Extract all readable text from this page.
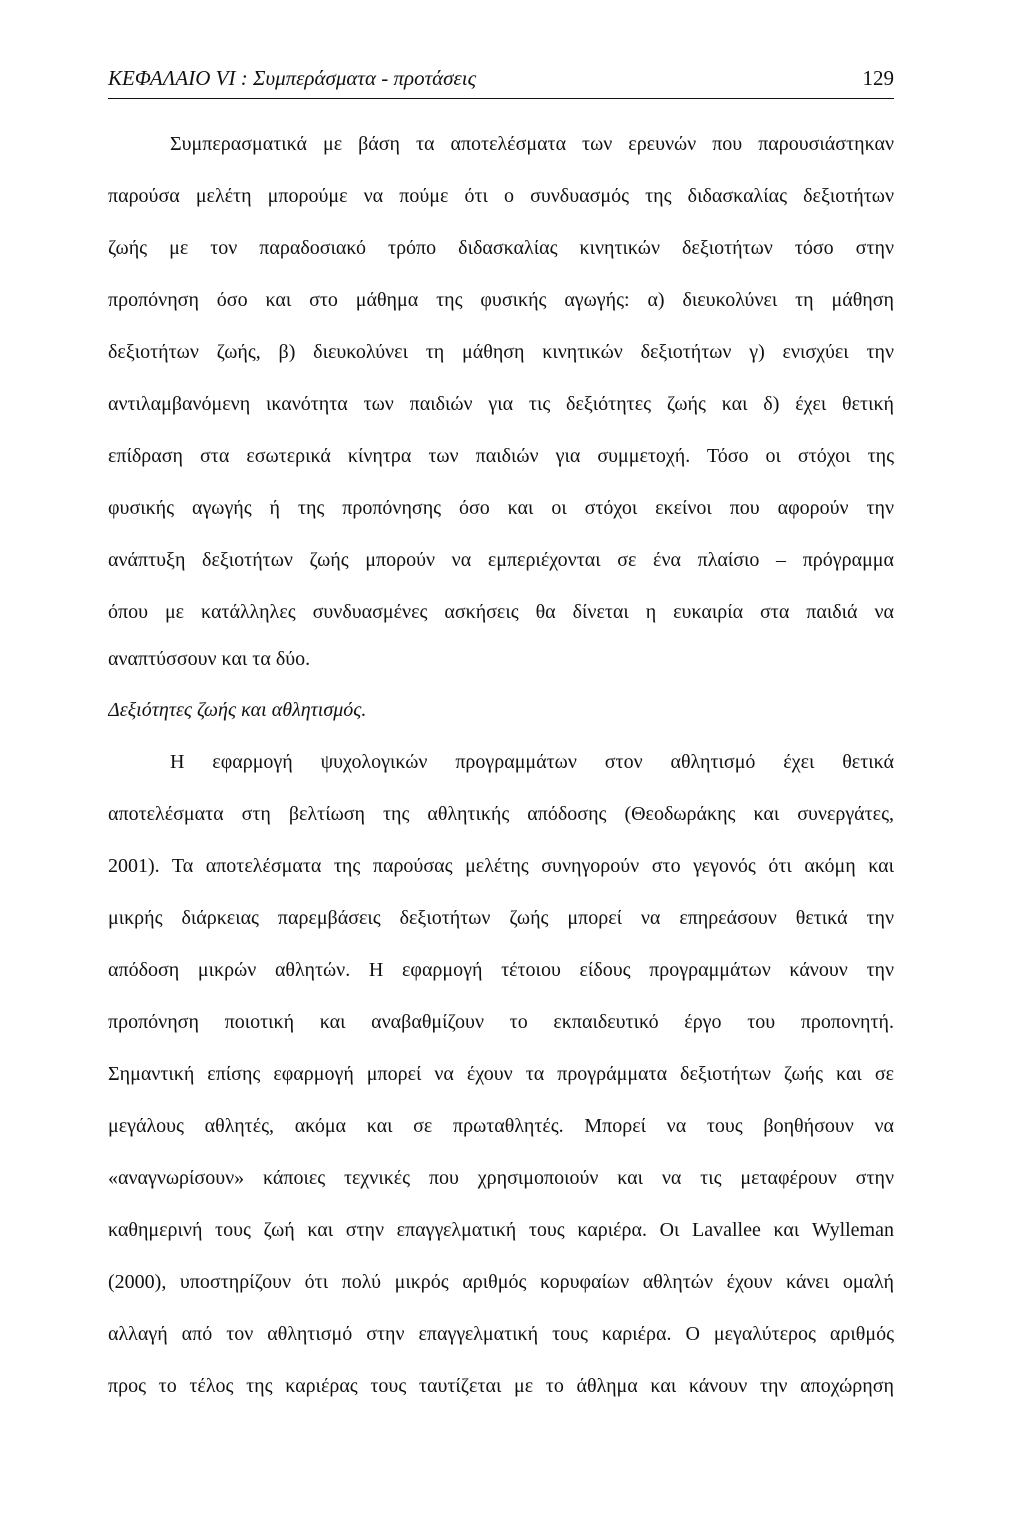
ΚΕΦΑΛΑΙΟ VI : Συμπεράσματα - προτάσεις	129
Συμπερασματικά με βάση τα αποτελέσματα των ερευνών που παρουσιάστηκαν
παρούσα μελέτη μπορούμε να πούμε ότι ο συνδυασμός της διδασκαλίας δεξιοτήτων
ζωής με τον παραδοσιακό τρόπο διδασκαλίας κινητικών δεξιοτήτων τόσο στην
προπόνηση όσο και στο μάθημα της φυσικής αγωγής: α) διευκολύνει τη μάθηση
δεξιοτήτων ζωής, β) διευκολύνει τη μάθηση κινητικών δεξιοτήτων γ) ενισχύει την
αντιλαμβανόμενη ικανότητα των παιδιών για τις δεξιότητες ζωής και δ) έχει θετική
επίδραση στα εσωτερικά κίνητρα των παιδιών για συμμετοχή. Τόσο οι στόχοι της
φυσικής αγωγής ή της προπόνησης όσο και οι στόχοι εκείνοι που αφορούν την
ανάπτυξη δεξιοτήτων ζωής μπορούν να εμπεριέχονται σε ένα πλαίσιο – πρόγραμμα
όπου με κατάλληλες συνδυασμένες ασκήσεις θα δίνεται η ευκαιρία στα παιδιά να
αναπτύσσουν και τα δύο.
Δεξιότητες ζωής και αθλητισμός.
Η εφαρμογή ψυχολογικών προγραμμάτων στον αθλητισμό έχει θετικά
αποτελέσματα στη βελτίωση της αθλητικής απόδοσης (Θεοδωράκης και συνεργάτες,
2001). Τα αποτελέσματα της παρούσας μελέτης συνηγορούν στο γεγονός ότι ακόμη και
μικρής διάρκειας παρεμβάσεις δεξιοτήτων ζωής μπορεί να επηρεάσουν θετικά την
απόδοση μικρών αθλητών. Η εφαρμογή τέτοιου είδους προγραμμάτων κάνουν την
προπόνηση ποιοτική και αναβαθμίζουν το εκπαιδευτικό έργο του προπονητή.
Σημαντική επίσης εφαρμογή μπορεί να έχουν τα προγράμματα δεξιοτήτων ζωής και σε
μεγάλους αθλητές, ακόμα και σε πρωταθλητές. Μπορεί να τους βοηθήσουν να
«αναγνωρίσουν» κάποιες τεχνικές που χρησιμοποιούν και να τις μεταφέρουν στην
καθημερινή τους ζωή και στην επαγγελματική τους καριέρα. Οι Lavallee και Wylleman
(2000), υποστηρίζουν ότι πολύ μικρός αριθμός κορυφαίων αθλητών έχουν κάνει ομαλή
αλλαγή από τον αθλητισμό στην επαγγελματική τους καριέρα. Ο μεγαλύτερος αριθμός
προς το τέλος της καριέρας τους ταυτίζεται με το άθλημα και κάνουν την αποχώρηση
